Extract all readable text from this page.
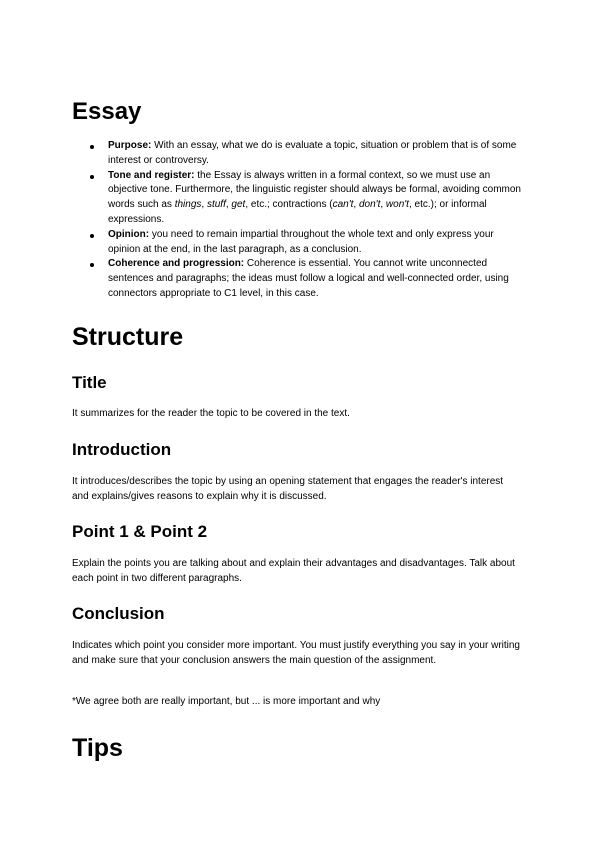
Essay
Purpose: With an essay, what we do is evaluate a topic, situation or problem that is of some interest or controversy.
Tone and register: the Essay is always written in a formal context, so we must use an objective tone. Furthermore, the linguistic register should always be formal, avoiding common words such as things, stuff, get, etc.; contractions (can't, don't, won't, etc.); or informal expressions.
Opinion: you need to remain impartial throughout the whole text and only express your opinion at the end, in the last paragraph, as a conclusion.
Coherence and progression: Coherence is essential. You cannot write unconnected sentences and paragraphs; the ideas must follow a logical and well-connected order, using connectors appropriate to C1 level, in this case.
Structure
Title

It summarizes for the reader the topic to be covered in the text.

Introduction

It introduces/describes the topic by using an opening statement that engages the reader's interest and explains/gives reasons to explain why it is discussed.

Point 1 & Point 2

Explain the points you are talking about and explain their advantages and disadvantages. Talk about each point in two different paragraphs.

Conclusion

Indicates which point you consider more important. You must justify everything you say in your writing and make sure that your conclusion answers the main question of the assignment.

*We agree both are really important, but ... is more important and why

Tips
